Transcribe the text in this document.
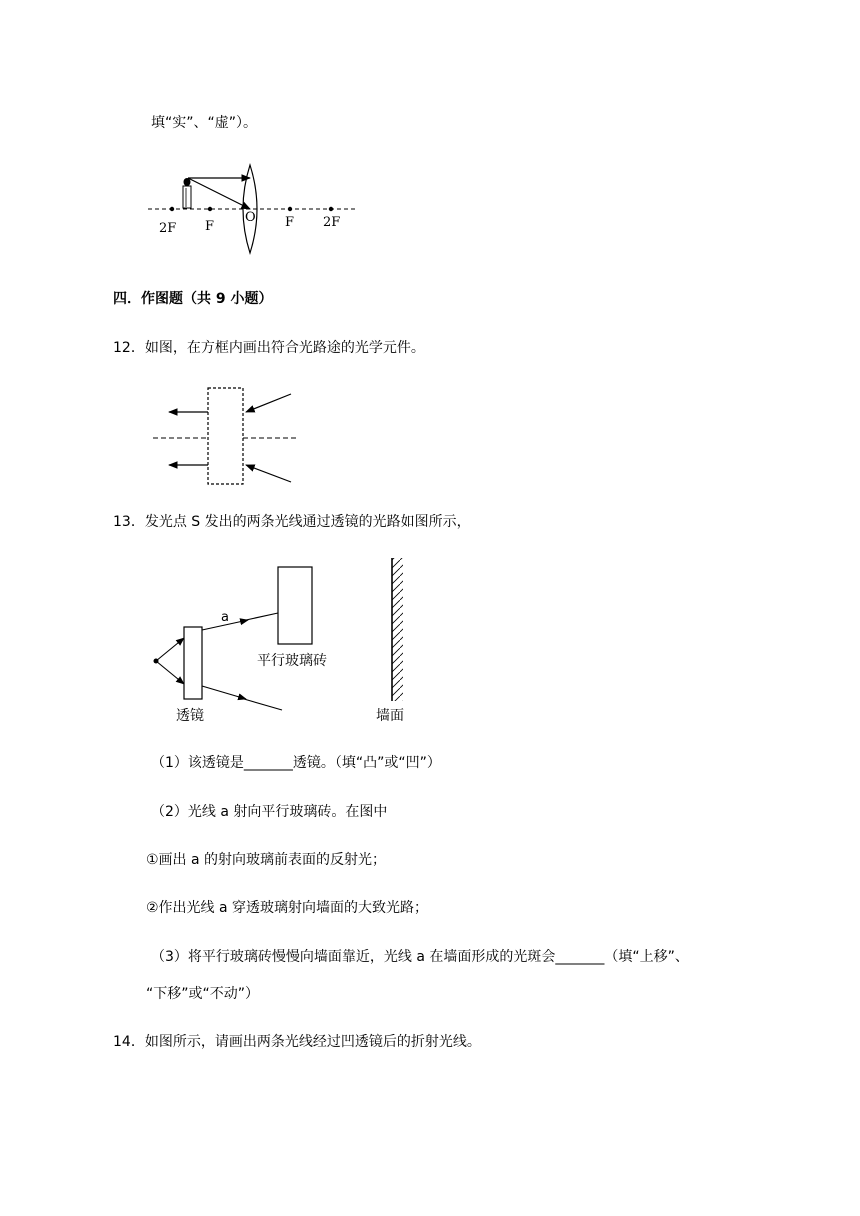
填“实”、“虚”）。
2F F
O F 2F
四．作图题（共 9 小题）
12．如图，在方框内画出符合光路途的光学元件。
13．发光点 S 发出的两条光线通过透镜的光路如图所示，
a
平行玻璃砖
透镜	墙面
（1）该透镜是_______透镜。（填“凸”或“凹”）
（2）光线 a 射向平行玻璃砖。在图中
①画出 a 的射向玻璃前表面的反射光；
②作出光线 a 穿透玻璃射向墙面的大致光路；
（3）将平行玻璃砖慢慢向墙面靠近，光线 a 在墙面形成的光斑会_______（填“上移”、
“下移”或“不动”）
14．如图所示，请画出两条光线经过凹透镜后的折射光线。
